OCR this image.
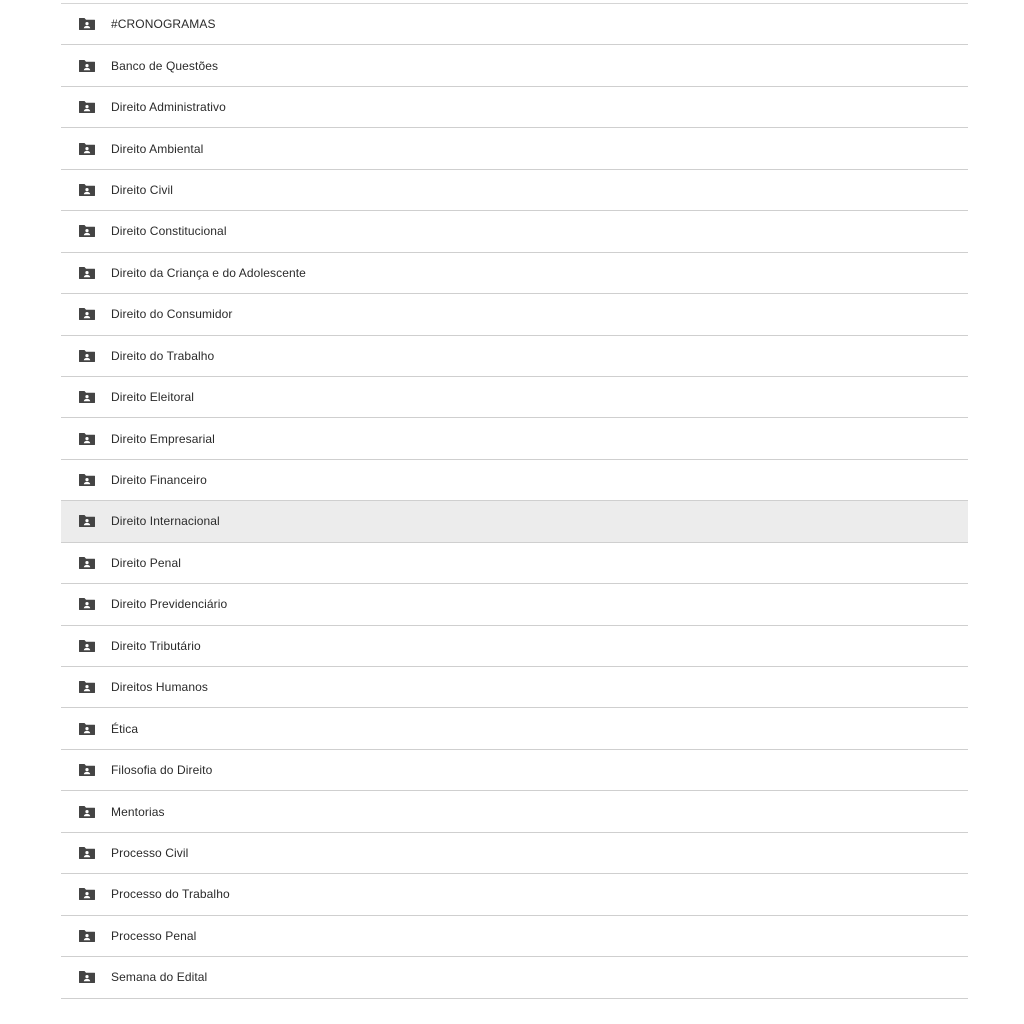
#CRONOGRAMAS
Banco de Questões
Direito Administrativo
Direito Ambiental
Direito Civil
Direito Constitucional
Direito da Criança e do Adolescente
Direito do Consumidor
Direito do Trabalho
Direito Eleitoral
Direito Empresarial
Direito Financeiro
Direito Internacional
Direito Penal
Direito Previdenciário
Direito Tributário
Direitos Humanos
Ética
Filosofia do Direito
Mentorias
Processo Civil
Processo do Trabalho
Processo Penal
Semana do Edital
